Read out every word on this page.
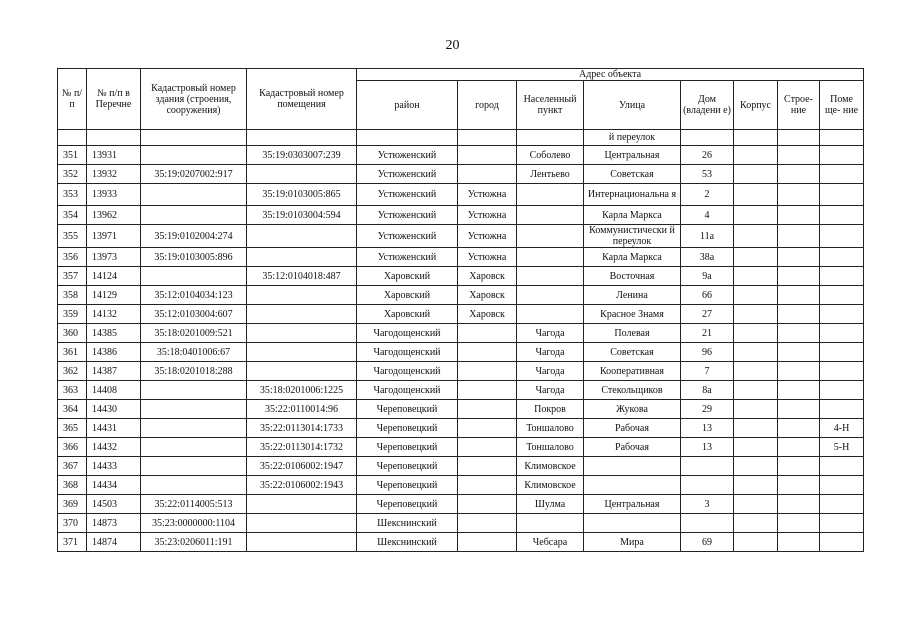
20
№ п/п	№ п/п в Перечне	Кадастровый номер здания (строения, сооружения)	Кадастровый номер помещения	Адрес объекта							
				район	город	Населенный пункт	Улица	Дом (владени е)	Корпус	Строе- ние	Поме ще- ние
							й переулок				
351	13931		35:19:0303007:239	Устюженский		Соболево	Центральная	26			
352	13932	35:19:0207002:917		Устюженский		Лентьево	Советская	53			
353	13933		35:19:0103005:865	Устюженский	Устюжна		Интернациональна я	2			
354	13962		35:19:0103004:594	Устюженский	Устюжна		Карла Маркса	4			
355	13971	35:19:0102004:274		Устюженский	Устюжна		Коммунистически й переулок	11а			
356	13973	35:19:0103005:896		Устюженский	Устюжна		Карла Маркса	38а			
357	14124		35:12:0104018:487	Харовский	Харовск		Восточная	9а			
358	14129	35:12:0104034:123		Харовский	Харовск		Ленина	66			
359	14132	35:12:0103004:607		Харовский	Харовск		Красное Знамя	27			
360	14385	35:18:0201009:521		Чагодощенский		Чагода	Полевая	21			
361	14386	35:18:0401006:67		Чагодощенский		Чагода	Советская	96			
362	14387	35:18:0201018:288		Чагодощенский		Чагода	Кооперативная	7			
363	14408		35:18:0201006:1225	Чагодощенский		Чагода	Стекольщиков	8а			
364	14430		35:22:0110014:96	Череповецкий		Покров	Жукова	29			
365	14431		35:22:0113014:1733	Череповецкий		Тоншалово	Рабочая	13			4-Н
366	14432		35:22:0113014:1732	Череповецкий		Тоншалово	Рабочая	13			5-Н
367	14433		35:22:0106002:1947	Череповецкий		Климовское					
368	14434		35:22:0106002:1943	Череповецкий		Климовское					
369	14503	35:22:0114005:513		Череповецкий		Шулма	Центральная	3			
370	14873	35:23:0000000:1104		Шекснинский							
371	14874	35:23:0206011:191		Шекснинский		Чебсара	Мира	69			
